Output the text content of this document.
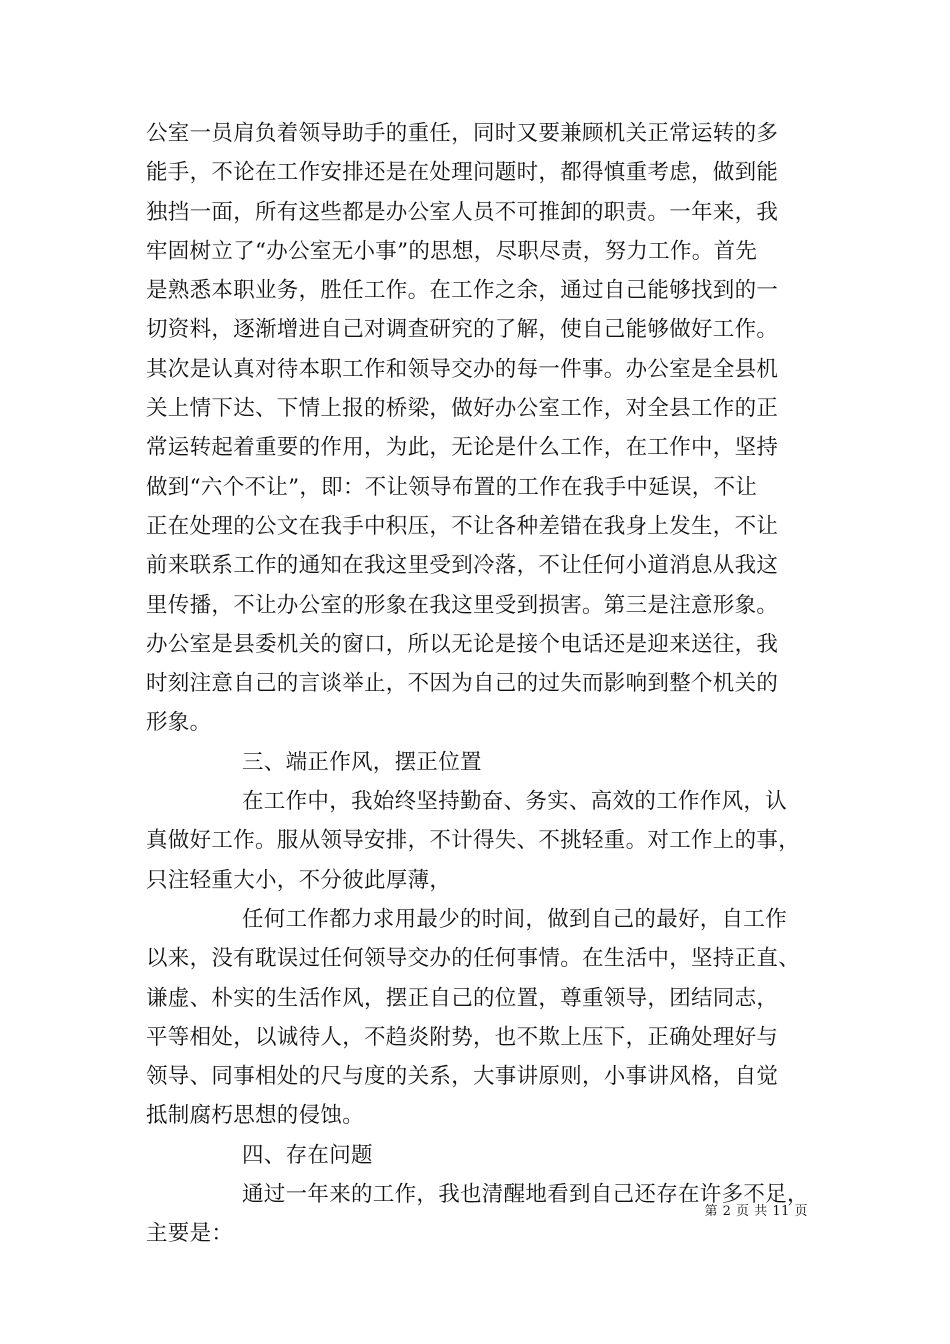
公室一员肩负着领导助手的重任，同时又要兼顾机关正常运转的多
能手，不论在工作安排还是在处理问题时，都得慎重考虑，做到能
独挡一面，所有这些都是办公室人员不可推卸的职责。一年来，我
牢固树立了“办公室无小事”的思想，尽职尽责，努力工作。首先
是熟悉本职业务，胜任工作。在工作之余，通过自己能够找到的一
切资料，逐渐增进自己对调查研究的了解，使自己能够做好工作。
其次是认真对待本职工作和领导交办的每一件事。办公室是全县机
关上情下达、下情上报的桥梁，做好办公室工作，对全县工作的正
常运转起着重要的作用，为此，无论是什么工作，在工作中，坚持
做到“六个不让”，即：不让领导布置的工作在我手中延误，不让
正在处理的公文在我手中积压，不让各种差错在我身上发生，不让
前来联系工作的通知在我这里受到冷落，不让任何小道消息从我这
里传播，不让办公室的形象在我这里受到损害。第三是注意形象。
办公室是县委机关的窗口，所以无论是接个电话还是迎来送往，我
时刻注意自己的言谈举止，不因为自己的过失而影响到整个机关的
形象。
三、端正作风，摆正位置
在工作中，我始终坚持勤奋、务实、高效的工作作风，认
真做好工作。服从领导安排，不计得失、不挑轻重。对工作上的事，
只注轻重大小，不分彼此厚薄，
任何工作都力求用最少的时间，做到自己的最好，自工作
以来，没有耽误过任何领导交办的任何事情。在生活中，坚持正直、
谦虚、朴实的生活作风，摆正自己的位置，尊重领导，团结同志，
平等相处，以诚待人，不趋炎附势，也不欺上压下，正确处理好与
领导、同事相处的尺与度的关系，大事讲原则，小事讲风格，自觉
抵制腐朽思想的侵蚀。
四、存在问题
通过一年来的工作，我也清醒地看到自己还存在许多不足，
主要是：
第 2 页 共 11 页
